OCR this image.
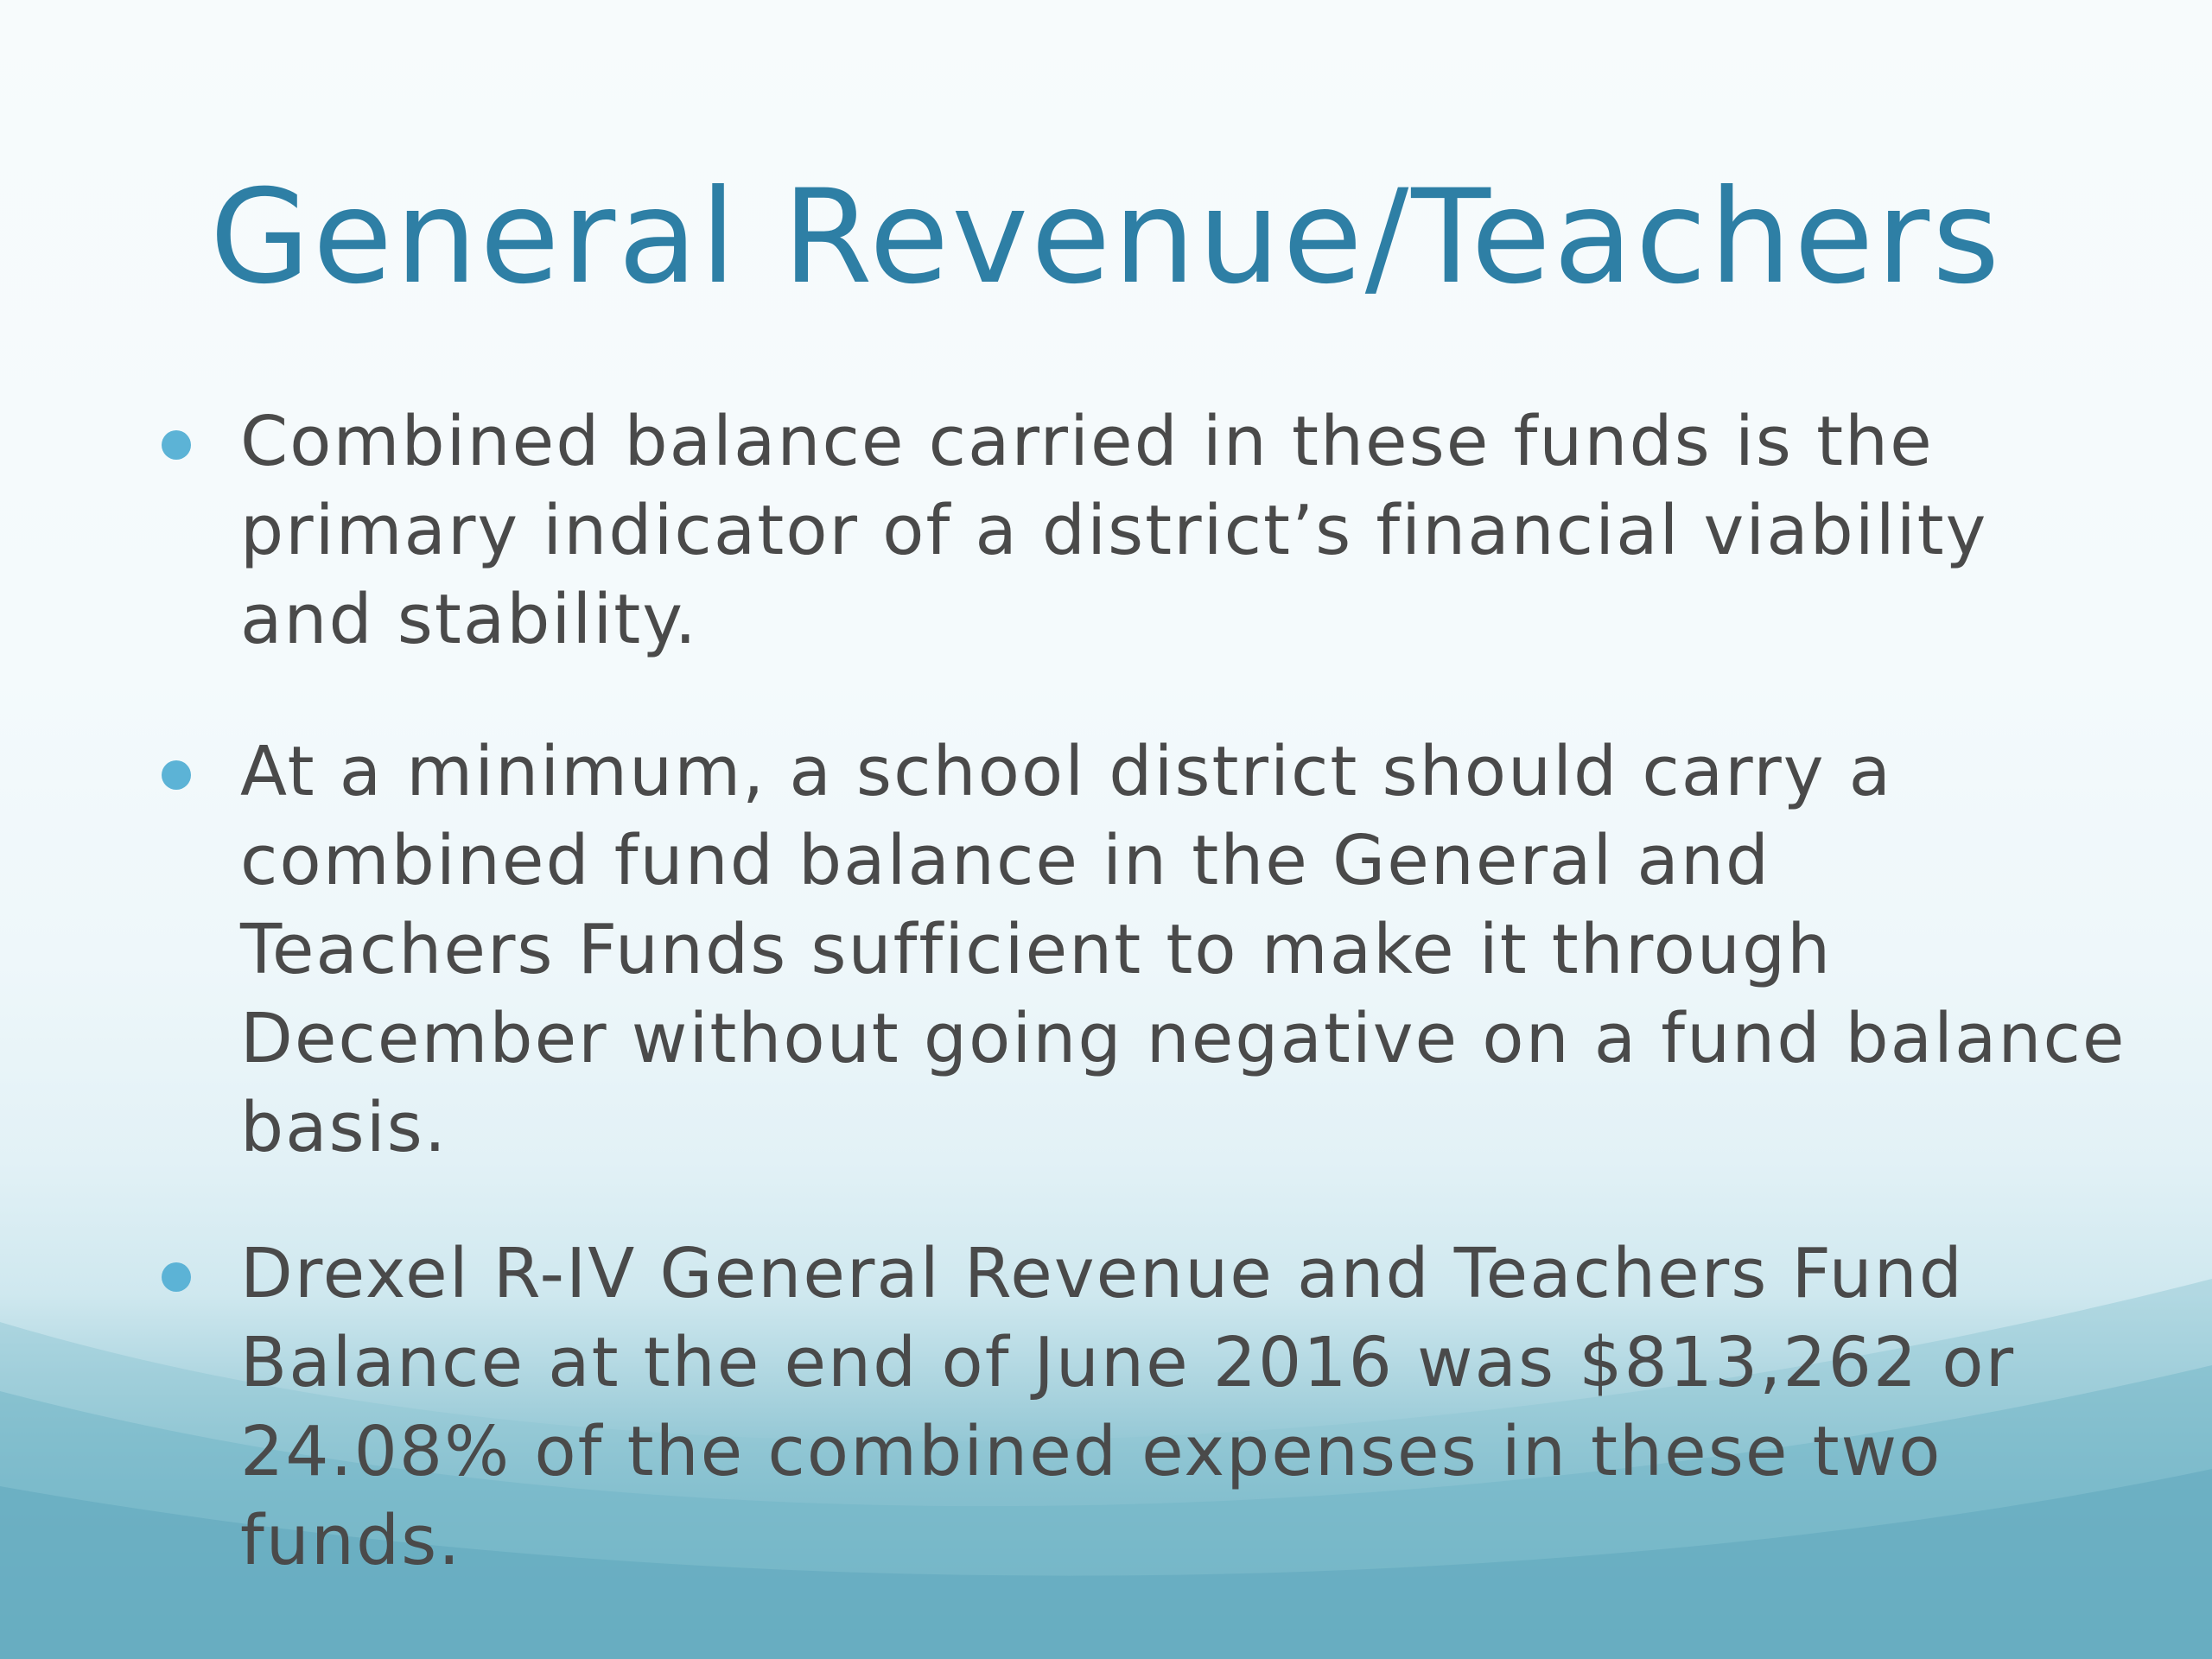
General Revenue/Teachers

Combined balance carried in these funds is the
primary indicator of a district’s financial viability
and stability.

At a minimum, a school district should carry a
combined fund balance in the General and
Teachers Funds sufficient to make it through
December without going negative on a fund balance
basis.

Drexel R-IV General Revenue and Teachers Fund
Balance at the end of June 2016 was $813,262 or
24.08% of the combined expenses in these two
funds.
